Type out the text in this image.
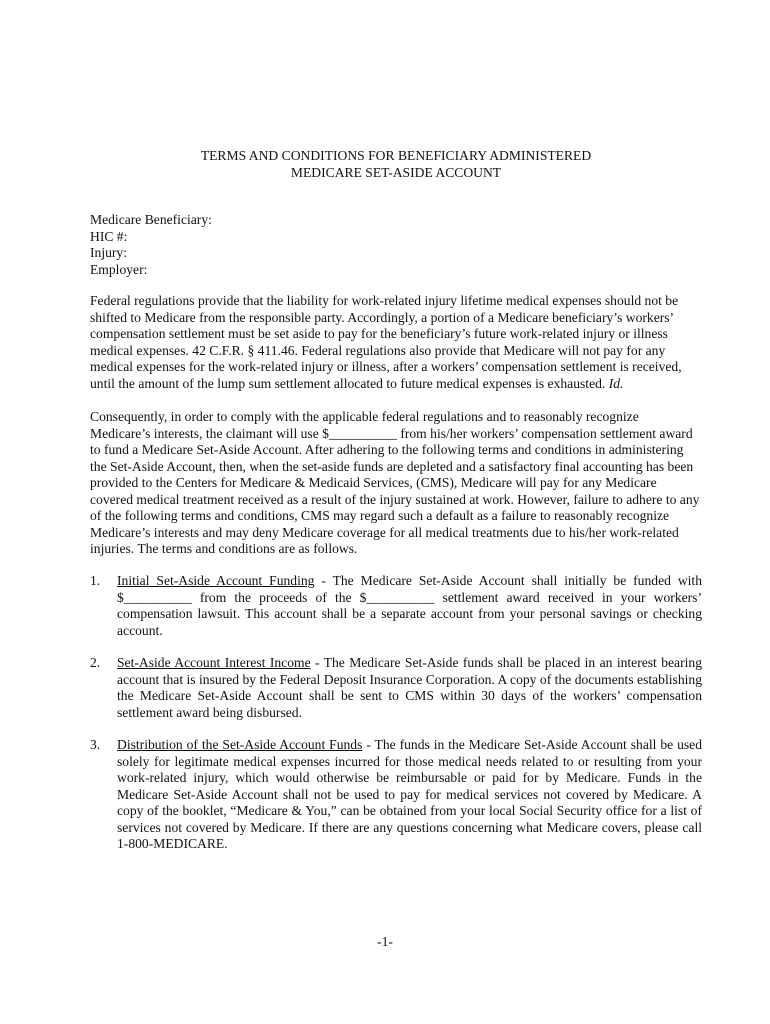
TERMS AND CONDITIONS FOR BENEFICIARY ADMINISTERED
MEDICARE SET-ASIDE ACCOUNT
Medicare Beneficiary:
HIC #:
Injury:
Employer:
Federal regulations provide that the liability for work-related injury lifetime medical expenses should not be shifted to Medicare from the responsible party. Accordingly, a portion of a Medicare beneficiary’s workers’ compensation settlement must be set aside to pay for the beneficiary’s future work-related injury or illness medical expenses. 42 C.F.R. § 411.46. Federal regulations also provide that Medicare will not pay for any medical expenses for the work-related injury or illness, after a workers’ compensation settlement is received, until the amount of the lump sum settlement allocated to future medical expenses is exhausted. Id.
Consequently, in order to comply with the applicable federal regulations and to reasonably recognize Medicare’s interests, the claimant will use $__________ from his/her workers’ compensation settlement award to fund a Medicare Set-Aside Account. After adhering to the following terms and conditions in administering the Set-Aside Account, then, when the set-aside funds are depleted and a satisfactory final accounting has been provided to the Centers for Medicare & Medicaid Services, (CMS), Medicare will pay for any Medicare covered medical treatment received as a result of the injury sustained at work. However, failure to adhere to any of the following terms and conditions, CMS may regard such a default as a failure to reasonably recognize Medicare’s interests and may deny Medicare coverage for all medical treatments due to his/her work-related injuries. The terms and conditions are as follows.
1. Initial Set-Aside Account Funding - The Medicare Set-Aside Account shall initially be funded with $__________ from the proceeds of the $__________ settlement award received in your workers’ compensation lawsuit. This account shall be a separate account from your personal savings or checking account.
2. Set-Aside Account Interest Income - The Medicare Set-Aside funds shall be placed in an interest bearing account that is insured by the Federal Deposit Insurance Corporation. A copy of the documents establishing the Medicare Set-Aside Account shall be sent to CMS within 30 days of the workers’ compensation settlement award being disbursed.
3. Distribution of the Set-Aside Account Funds - The funds in the Medicare Set-Aside Account shall be used solely for legitimate medical expenses incurred for those medical needs related to or resulting from your work-related injury, which would otherwise be reimbursable or paid for by Medicare. Funds in the Medicare Set-Aside Account shall not be used to pay for medical services not covered by Medicare. A copy of the booklet, “Medicare & You,” can be obtained from your local Social Security office for a list of services not covered by Medicare. If there are any questions concerning what Medicare covers, please call 1-800-MEDICARE.
-1-
